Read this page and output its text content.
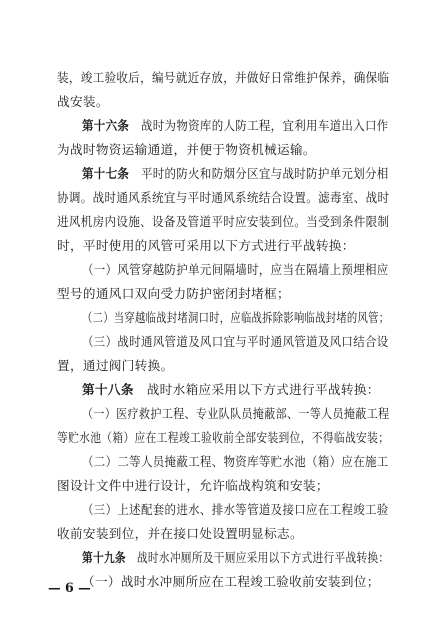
装，竣工验收后，编号就近存放，并做好日常维护保养，确保临
战安装。
第十六条  战时为物资库的人防工程，宜利用车道出入口作
为战时物资运输通道，并便于物资机械运输。
第十七条  平时的防火和防烟分区宜与战时防护单元划分相
协调。战时通风系统宜与平时通风系统结合设置。滤毒室、战时
进风机房内设施、设备及管道平时应安装到位。当受到条件限制
时，平时使用的风管可采用以下方式进行平战转换：
（一）风管穿越防护单元间隔墙时，应当在隔墙上预埋相应
型号的通风口双向受力防护密闭封堵框；
（二）当穿越临战封堵洞口时，应临战拆除影响临战封堵的风管；
（三）战时通风管道及风口宜与平时通风管道及风口结合设
置，通过阀门转换。
第十八条  战时水箱应采用以下方式进行平战转换：
（一）医疗救护工程、专业队队员掩蔽部、一等人员掩蔽工程
等贮水池（箱）应在工程竣工验收前全部安装到位，不得临战安装；
（二）二等人员掩蔽工程、物资库等贮水池（箱）应在施工
图设计文件中进行设计，允许临战构筑和安装；
（三）上述配套的进水、排水等管道及接口应在工程竣工验
收前安装到位，并在接口处设置明显标志。
第十九条  战时水冲厕所及干厕应采用以下方式进行平战转换：
（一）战时水冲厕所应在工程竣工验收前安装到位；
— 6 —
